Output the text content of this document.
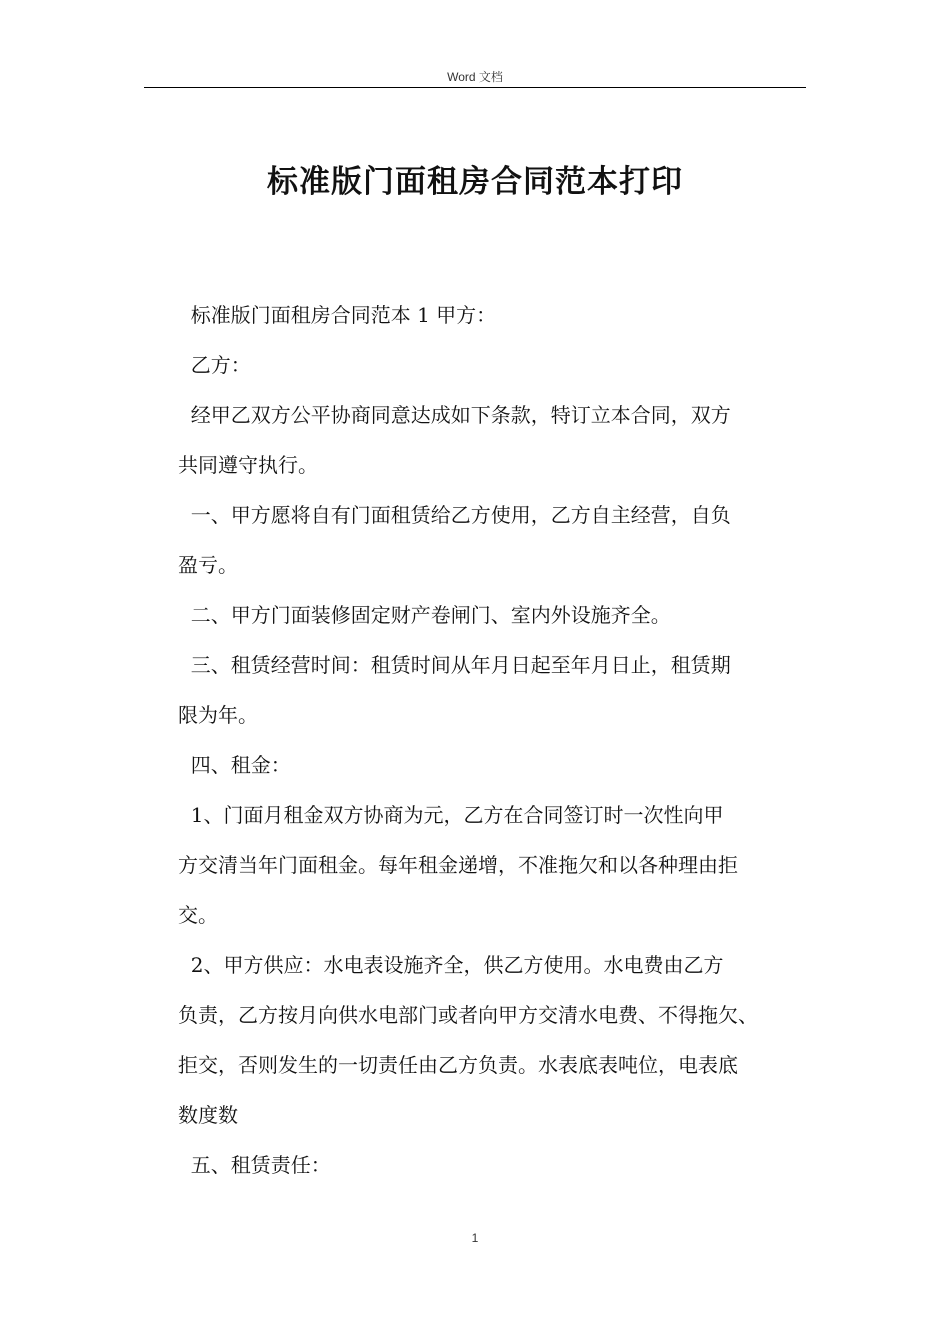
Word 文档
标准版门面租房合同范本打印

标准版门面租房合同范本 1 甲方：

乙方：

经甲乙双方公平协商同意达成如下条款，特订立本合同，双方

共同遵守执行。

一、甲方愿将自有门面租赁给乙方使用，乙方自主经营，自负

盈亏。

二、甲方门面装修固定财产卷闸门、室内外设施齐全。

三、租赁经营时间：租赁时间从年月日起至年月日止，租赁期

限为年。

四、租金：

1、门面月租金双方协商为元，乙方在合同签订时一次性向甲

方交清当年门面租金。每年租金递增，不准拖欠和以各种理由拒

交。

2、甲方供应：水电表设施齐全，供乙方使用。水电费由乙方

负责，乙方按月向供水电部门或者向甲方交清水电费、不得拖欠、

拒交，否则发生的一切责任由乙方负责。水表底表吨位，电表底

数度数

五、租赁责任：

1
